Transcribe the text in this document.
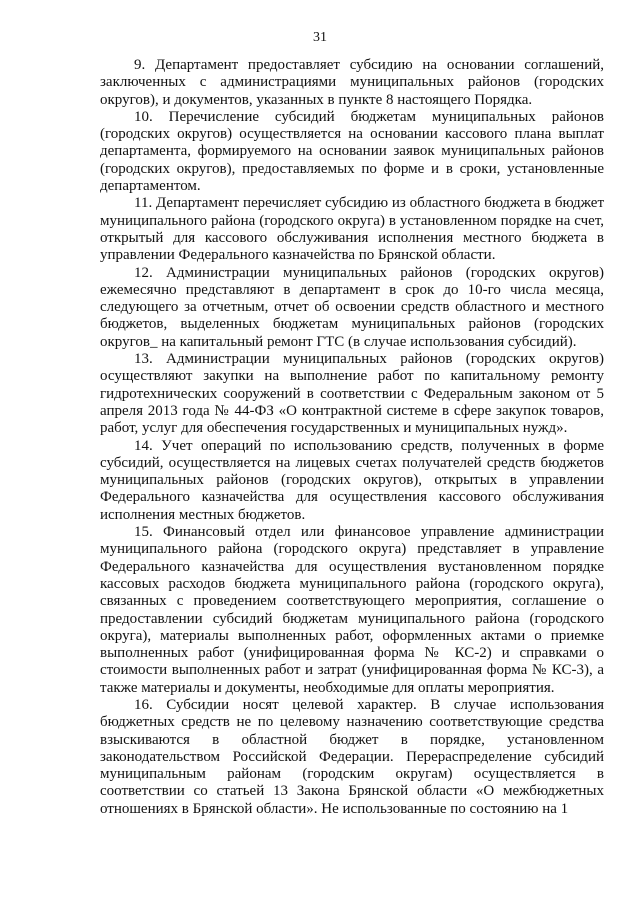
31

9. Департамент предоставляет субсидию на основании соглашений, заключенных с администрациями муниципальных районов (городских округов), и документов, указанных в пункте 8 настоящего Порядка.

10. Перечисление субсидий бюджетам муниципальных районов (городских округов) осуществляется на основании кассового плана выплат департамента, формируемого на основании заявок муниципальных районов (городских округов), предоставляемых по форме и в сроки, установленные департаментом.

11. Департамент перечисляет субсидию из областного бюджета в бюджет муниципального района (городского округа) в установленном порядке на счет, открытый для кассового обслуживания исполнения местного бюджета в управлении Федерального казначейства по Брянской области.

12. Администрации муниципальных районов (городских округов) ежемесячно представляют в департамент в срок до 10-го числа месяца, следующего за отчетным, отчет об освоении средств областного и местного бюджетов, выделенных бюджетам муниципальных районов (городских округов_ на капитальный ремонт ГТС (в случае использования субсидий).

13. Администрации муниципальных районов (городских округов) осуществляют закупки на выполнение работ по капитальному ремонту гидротехнических сооружений в соответствии с Федеральным законом от 5 апреля 2013 года № 44-ФЗ «О контрактной системе в сфере закупок товаров, работ, услуг для обеспечения государственных и муниципальных нужд».

14. Учет операций по использованию средств, полученных в форме субсидий, осуществляется на лицевых счетах получателей средств бюджетов муниципальных районов (городских округов), открытых в управлении Федерального казначейства для осуществления кассового обслуживания исполнения местных бюджетов.

15. Финансовый отдел или финансовое управление администрации муниципального района (городского округа) представляет в управление Федерального казначейства для осуществления вустановленном порядке кассовых расходов бюджета муниципального района (городского округа), связанных с проведением соответствующего мероприятия, соглашение о предоставлении субсидий бюджетам муниципального района (городского округа), материалы выполненных работ, оформленных актами о приемке выполненных работ (унифицированная форма № КС-2) и справками о стоимости выполненных работ и затрат (унифицированная форма № КС-3), а также материалы и документы, необходимые для оплаты мероприятия.

16. Субсидии носят целевой характер. В случае использования бюджетных средств не по целевому назначению соответствующие средства взыскиваются в областной бюджет в порядке, установленном законодательством Российской Федерации. Перераспределение субсидий муниципальным районам (городским округам) осуществляется в соответствии со статьей 13 Закона Брянской области «О межбюджетных отношениях в Брянской области». Не использованные по состоянию на 1
